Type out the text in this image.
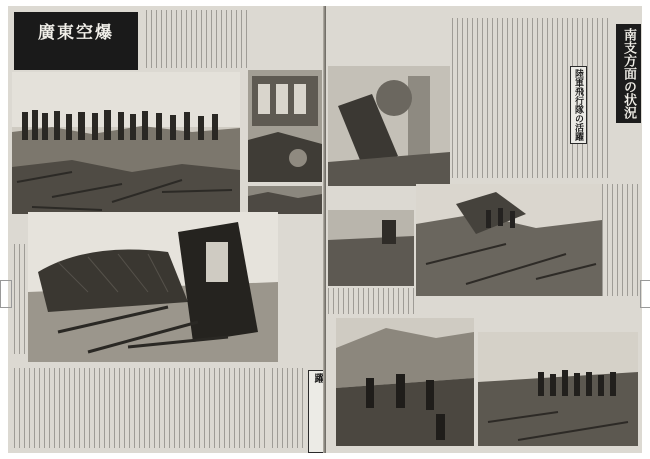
廣東空爆
躍
南支方面の状況
陸軍飛行隊の活躍
